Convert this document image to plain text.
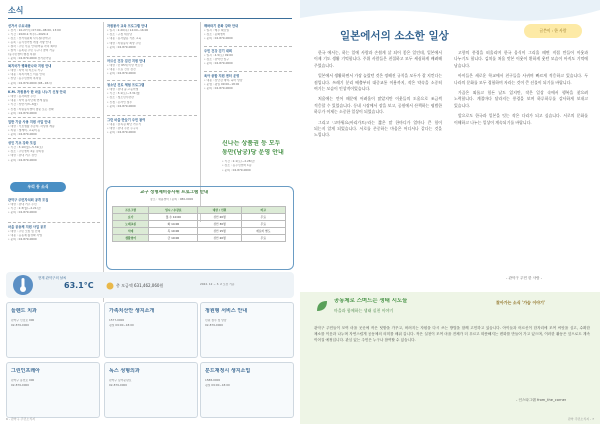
소식
선거서 주요내용
• 선거 : 10.27(수) 07:00~08:00, 13:00
• 기간 : 2020.2.7(수)~2020.4
• 장소 : 선거위원회 사무실(관악구)
• 등록 : 공직선거법 개정 사항 안내
• 절차 : 주민 투표 안내(마을 자치 회의)
• 참석 : 등록된 주민 누구나 참여 가능
(동주민센터 행정 지원)
• 문의 : 02-879-0000 선거관리팀
복지국가 행복한나라 지원 안내
• 대상 : 지역 내 저소득 가구
• 내용 : 복지서비스 이용 안내
• 상담 : 동주민센터 복지팀
• 문의 : 02-879-0000 (08~18시)
K.M. 자원봉사 한 마음 나누기 신청 안내
• 대상 : 봉사희망 주민
• 내용 : 지역 봉사단체 연계 활동
• 기간 : 상반기(3~6월)
• 신청 : 자원봉사센터 방문 또는 전화
• 문의 : 02-879-0000
일반 기금 사용 지원 사업 안내
• 대상 : 기초생활 수급자, 차상위 계층
• 지원 : 생계비, 교육비 등
• 문의 : 02-879-0000
성인 기초 강좌 모집
• 기간 : 3.10(월)~5.31(토)
• 장소 : 주민센터 2층 강의실
• 대상 : 관내 거주 성인
• 문의 : 02-879-0000
우리 동 소식
관악구 주민자치회 공개 모집
• 대상 : 관내 거주 주민
• 기간 : 2.3(월)~2.21(금)
• 문의 : 02-879-0000
마을 공동체 지원 사업 공모
• 대상 : 주민 모임 및 단체
• 내용 : 공동체 활성화 사업
• 문의 : 02-879-0000
자원봉사 교육 프로그램 안내
• 일시 : 2.20(목) 14:00~16:00
• 장소 : 구청 대강당
• 내용 : 봉사활동 기본 교육
• 대상 : 자원봉사 희망 주민
• 문의 : 02-879-0000
어르신 건강 검진 지원 안내
• 대상 : 만 65세 이상 어르신
• 내용 : 무료 건강 검진
• 문의 : 02-879-0000
청소년 진로 체험 프로그램
• 대상 : 관내 중·고등학생
• 기간 : 3.1(토)~3.31(월)
• 장소 : 청소년수련관
• 신청 : 온라인 접수
• 문의 : 02-879-0000
그린 마을 만들기 주민 참여
• 내용 : 골목길 화단 가꾸기
• 대상 : 관내 주민 누구나
• 문의 : 02-879-0000
해바라기 문화 강좌 안내
• 일시 : 매주 화요일
• 장소 : 문화센터
• 문의 : 02-879-0000
주민 건강 걷기 대회
• 일시 : 4.5(토) 09:00
• 장소 : 관악산 입구
• 문의 : 02-879-0000
육아 종합 지원 센터 운영
• 내용 : 장난감 대여, 육아 상담
• 운영 : 평일 09:00~18:00
• 문의 : 02-879-0000
신나는 상품권 등 모두
동만(남궁)당 운영 안내
• 기간 : 2.1(토)~2.28(금)
• 장소 : 동주민센터 1층
• 문의 : 02-879-0000
교구 성형제비동사위 프로그램 안내
장소 : 새봄센터 / 문의 : 080-0000
프로그램	일시 / 수강료	대상 / 인원	비고
요가	월·수 10:00	성인 20명	무료
노래교실	화 14:00	성인 30명	무료
서예	목 10:00	성인 15명	재료비 별도
생활영어	금 19:00	성인 20명	무료
현재 관악구의 날씨
63.1°C	총 모금액 631,462,060원	2022. 12 ~ 3. 2 오전 기준
들렌드 치과
관악구 신림로 000
02-879-0000
가족치산안 생지소개
1577-0000
평일 09:00~18:00
청원형 서비스 안내
민원 접수 및 상담
02-879-0000
그린인프레아
관악구 봉천로 000
02-879-0000
독스 성형의과
관악구 남부순환로
02-879-0000
분드재정시 생지소업
1588-0000
평일 09:00~18:00
6 - 관악구 주민소식지
일본에서의 소소한 일상	글쓴이 : 한 사람

한국 에서는, 하는 일에 사람과 손쉽게 살 되어 좋은 일인데, 일본에서 이제 기도 생활 기억합니다. 주위 사람들은 친절하고 모두 세심하게 배려해 주었습니다.

일본에서 생활하면서 가장 놀랐던 것은 정해진 규칙을 모두가 잘 지킨다는 점입니다. 쓰레기 분리 배출부터 대중교통 이용까지, 작은 약속을 소중히 여기는 모습이 인상적이었습니다.

처음에는 언어 때문에 어려움이 많았지만 이웃들의 도움으로 조금씩 적응할 수 있었습니다. 동네 시장에서 장을 보고, 공원에서 산책하는 평범한 하루가 이제는 소중한 일상이 되었습니다.

그리고 '고마워요(아리가토)'라는 짧은 말 한마디가 얼마나 큰 힘이 되는지 알게 되었습니다. 서로를 존중하는 마음은 어디서나 같다는 것을 느낍니다.

고향의 풍경을 떠올리며 한국 음식이 그리울 때면 직접 만들어 이웃과 나누기도 합니다. 김치를 처음 맛본 이웃이 환하게 웃던 모습이 아직도 기억에 남습니다.

아이들은 새로운 학교에서 친구들을 사귀며 빠르게 적응하고 있습니다. 두 나라의 문화를 모두 경험하며 자라는 것이 큰 선물이 되기를 바랍니다.

가끔은 외롭고 힘든 날도 있지만, 작은 일상 속에서 행복을 찾으려 노력합니다. 계절마다 달라지는 풍경을 보며 하루하루를 감사하게 보내고 있습니다.

앞으로도 한국과 일본을 잇는 작은 다리가 되고 싶습니다. 서로의 문화를 이해하고 나누는 일상이 계속되기를 바랍니다.

- 관악구 주민 한 사람 -
공동체로 스며드는 생태 시도들
마을과 함께하는 생태 실천 이야기
찾아가는 소식 '가슴 이야기'
관악구 주민들이 모여 마을 곳곳에 작은 텃밭을 가꾸고, 버려지는 자원을 다시 쓰는 방법을 함께 고민하고 있습니다. 아이들과 어르신이 한자리에 모여 씨앗을 심고, 수확한 채소를 이웃과 나누며 자연스럽게 공동체의 의미를 배워 갑니다. 작은 실천이 모여 마을 전체가 더 푸르고 따뜻해지는 변화를 만들어 가고 있으며, 이러한 활동은 앞으로도 계속 이어질 예정입니다. 관심 있는 주민은 누구나 참여할 수 있습니다.
- 인스타그램 from_the_corner
관악 주민소식지 - 7
